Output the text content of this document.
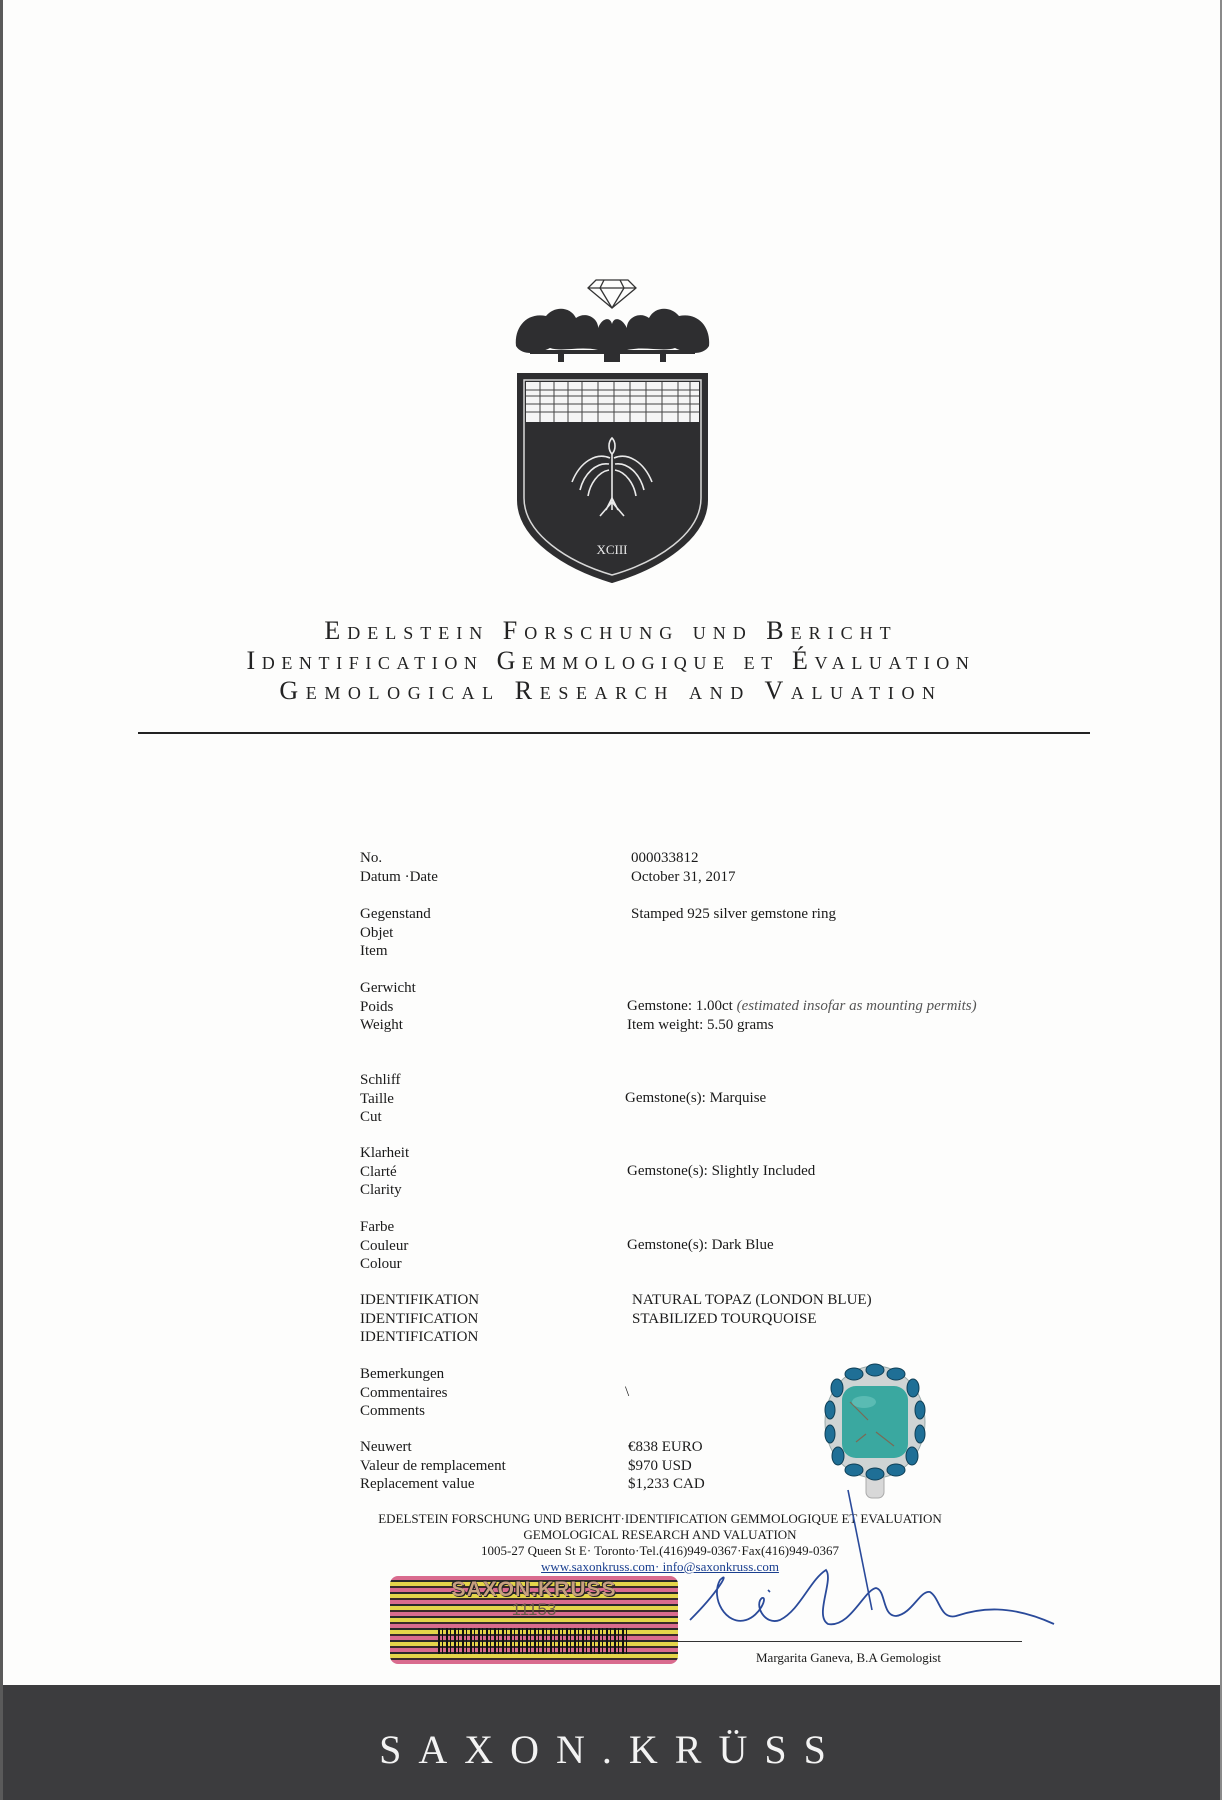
XCIII
Edelstein Forschung und Bericht
Identification Gemmologique et Évaluation
Gemological Research and Valuation
No.	000033812
Datum ·Date	October 31, 2017
Gegenstand
Objet
Item
Stamped 925 silver gemstone ring
Gerwicht
Poids
Weight
Gemstone: 1.00ct (estimated insofar as mounting permits)
Item weight: 5.50 grams
Schliff
Taille
Cut
Gemstone(s): Marquise
Klarheit
Clarté
Clarity
Gemstone(s): Slightly Included
Farbe
Couleur
Colour
Gemstone(s): Dark Blue
IDENTIFIKATION
IDENTIFICATION
IDENTIFICATION
NATURAL TOPAZ (LONDON BLUE)
STABILIZED TOURQUOISE
Bemerkungen
Commentaires
Comments
\
Neuwert
Valeur de remplacement
Replacement value
€838 EURO
$970 USD
$1,233 CAD
EDELSTEIN FORSCHUNG UND BERICHT·IDENTIFICATION GEMMOLOGIQUE ET EVALUATION
GEMOLOGICAL RESEARCH AND VALUATION
1005-27 Queen St E· Toronto·Tel.(416)949-0367·Fax(416)949-0367
www.saxonkruss.com· info@saxonkruss.com
SAXON.KRUSS
11153
Margarita Ganeva, B.A Gemologist
SAXON.KRÜSS
